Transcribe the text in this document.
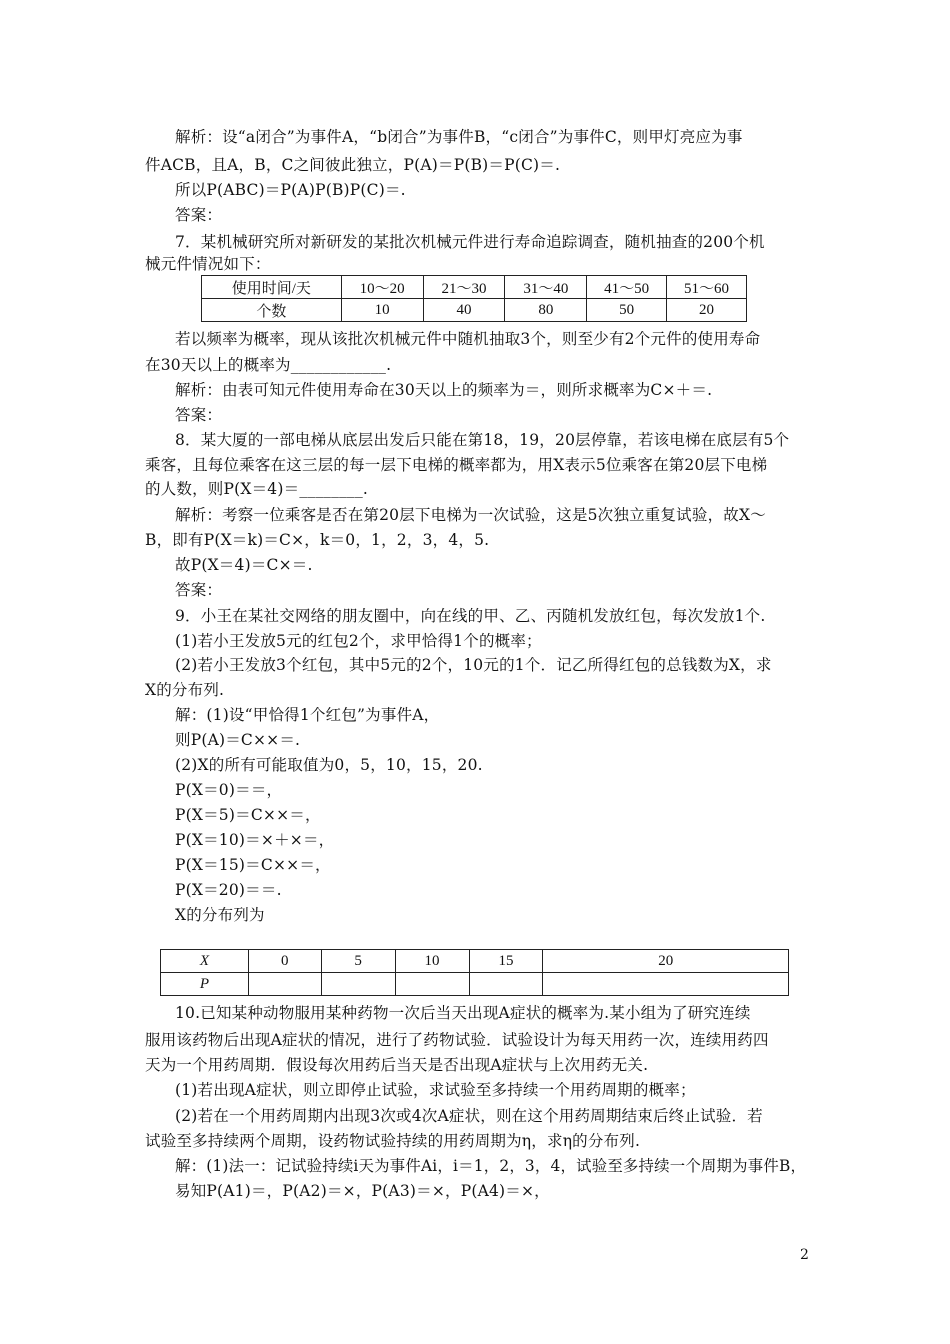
解析：设“a闭合”为事件A，“b闭合”为事件B，“c闭合”为事件C，则甲灯亮应为事
件ACB，且A，B，C之间彼此独立，P(A)＝P(B)＝P(C)＝.
所以P(ABC)＝P(A)P(B)P(C)＝.
答案：
7．某机械研究所对新研发的某批次机械元件进行寿命追踪调查，随机抽查的200个机
械元件情况如下：
使用时间/天	10～20	21～30	31～40	41～50	51～60
个数	10	40	80	50	20
若以频率为概率，现从该批次机械元件中随机抽取3个，则至少有2个元件的使用寿命
在30天以上的概率为____________.
解析：由表可知元件使用寿命在30天以上的频率为＝，则所求概率为C×＋＝.
答案：
8．某大厦的一部电梯从底层出发后只能在第18，19，20层停靠，若该电梯在底层有5个
乘客，且每位乘客在这三层的每一层下电梯的概率都为，用X表示5位乘客在第20层下电梯
的人数，则P(X＝4)＝________.
解析：考察一位乘客是否在第20层下电梯为一次试验，这是5次独立重复试验，故X～
B，即有P(X＝k)＝C×，k＝0，1，2，3，4，5.
故P(X＝4)＝C×＝.
答案：
9．小王在某社交网络的朋友圈中，向在线的甲、乙、丙随机发放红包，每次发放1个.
(1)若小王发放5元的红包2个，求甲恰得1个的概率；
(2)若小王发放3个红包，其中5元的2个，10元的1个．记乙所得红包的总钱数为X，求
X的分布列.
解：(1)设“甲恰得1个红包”为事件A，
则P(A)＝C××＝.
(2)X的所有可能取值为0，5，10，15，20.
P(X＝0)＝＝，
P(X＝5)＝C××＝，
P(X＝10)＝×＋×＝，
P(X＝15)＝C××＝，
P(X＝20)＝＝.
X的分布列为
X	0	5	10	15	20
P					
10.已知某种动物服用某种药物一次后当天出现A症状的概率为.某小组为了研究连续
服用该药物后出现A症状的情况，进行了药物试验．试验设计为每天用药一次，连续用药四
天为一个用药周期．假设每次用药后当天是否出现A症状与上次用药无关.
(1)若出现A症状，则立即停止试验，求试验至多持续一个用药周期的概率；
(2)若在一个用药周期内出现3次或4次A症状，则在这个用药周期结束后终止试验．若
试验至多持续两个周期，设药物试验持续的用药周期为η，求η的分布列.
解：(1)法一：记试验持续i天为事件Ai，i＝1，2，3，4，试验至多持续一个周期为事件B，
易知P(A1)＝，P(A2)＝×，P(A3)＝×，P(A4)＝×，
2
